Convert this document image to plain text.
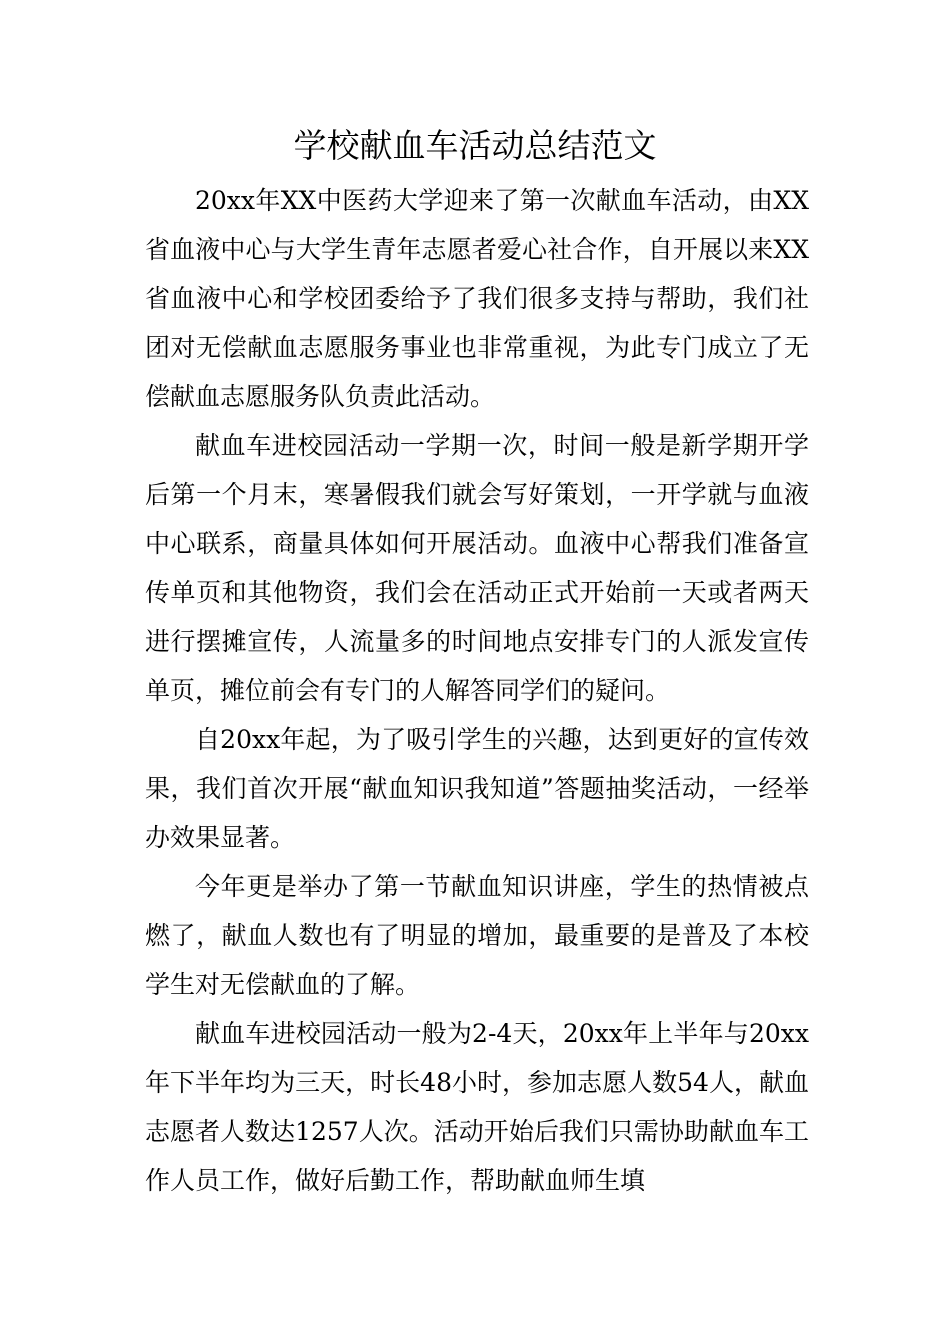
学校献血车活动总结范文

20xx年XX中医药大学迎来了第一次献血车活动，由XX省血液中心与大学生青年志愿者爱心社合作，自开展以来XX省血液中心和学校团委给予了我们很多支持与帮助，我们社团对无偿献血志愿服务事业也非常重视，为此专门成立了无偿献血志愿服务队负责此活动。

献血车进校园活动一学期一次，时间一般是新学期开学后第一个月末，寒暑假我们就会写好策划，一开学就与血液中心联系，商量具体如何开展活动。血液中心帮我们准备宣传单页和其他物资，我们会在活动正式开始前一天或者两天进行摆摊宣传，人流量多的时间地点安排专门的人派发宣传单页，摊位前会有专门的人解答同学们的疑问。

自20xx年起，为了吸引学生的兴趣，达到更好的宣传效果，我们首次开展“献血知识我知道”答题抽奖活动，一经举办效果显著。

今年更是举办了第一节献血知识讲座，学生的热情被点燃了，献血人数也有了明显的增加，最重要的是普及了本校学生对无偿献血的了解。

献血车进校园活动一般为2-4天，20xx年上半年与20xx年下半年均为三天，时长48小时，参加志愿人数54人，献血志愿者人数达1257人次。活动开始后我们只需协助献血车工作人员工作，做好后勤工作，帮助献血师生填
